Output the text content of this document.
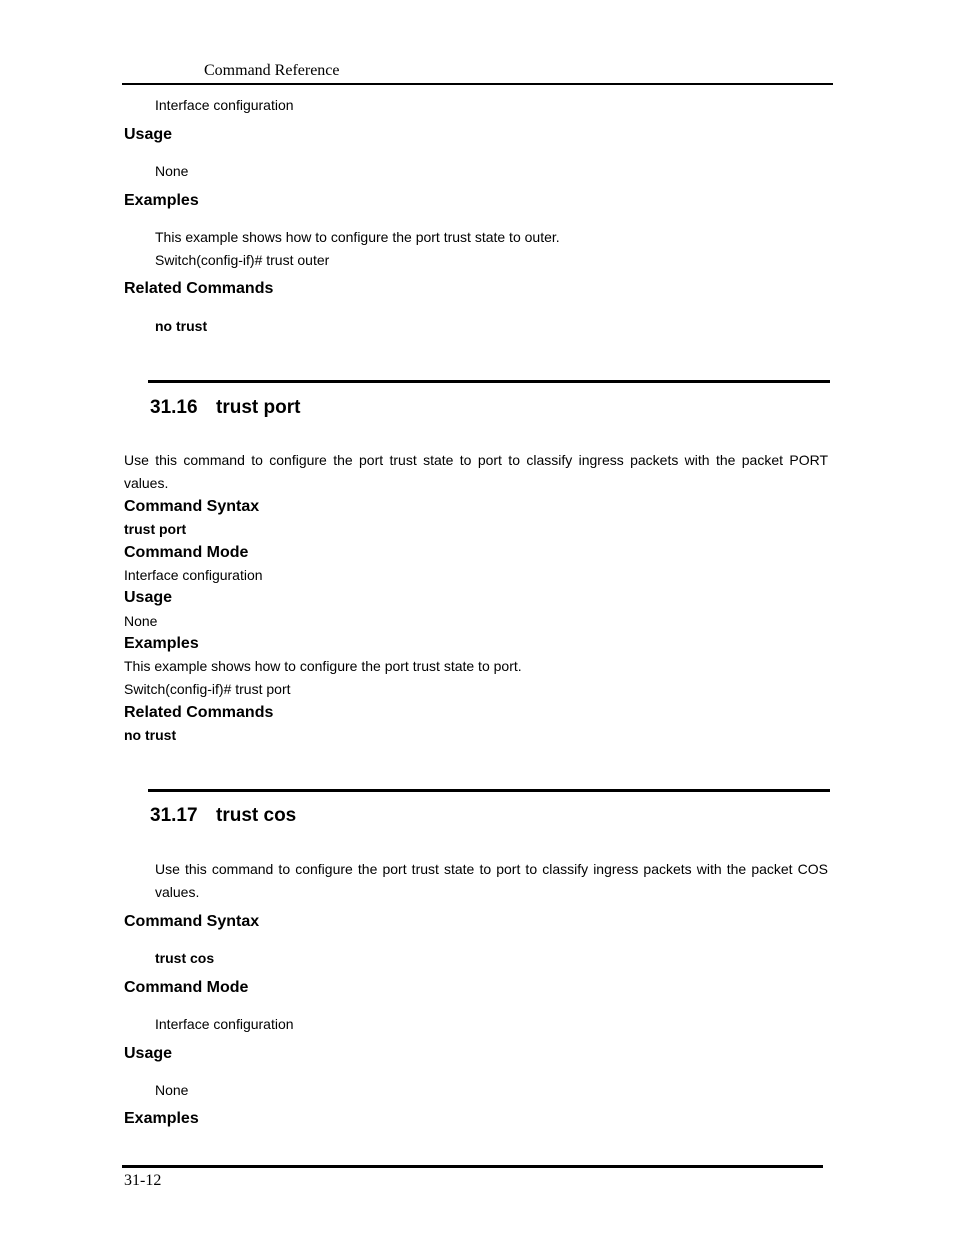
Command Reference
Interface configuration
Usage
None
Examples
This example shows how to configure the port trust state to outer.
Switch(config-if)# trust outer
Related Commands
no trust
31.16 trust port
Use this command to configure the port trust state to port to classify ingress packets with the packet PORT values.
Command Syntax
trust port
Command Mode
Interface configuration
Usage
None
Examples
This example shows how to configure the port trust state to port.
Switch(config-if)# trust port
Related Commands
no trust
31.17 trust cos
Use this command to configure the port trust state to port to classify ingress packets with the packet COS values.
Command Syntax
trust cos
Command Mode
Interface configuration
Usage
None
Examples
31-12
